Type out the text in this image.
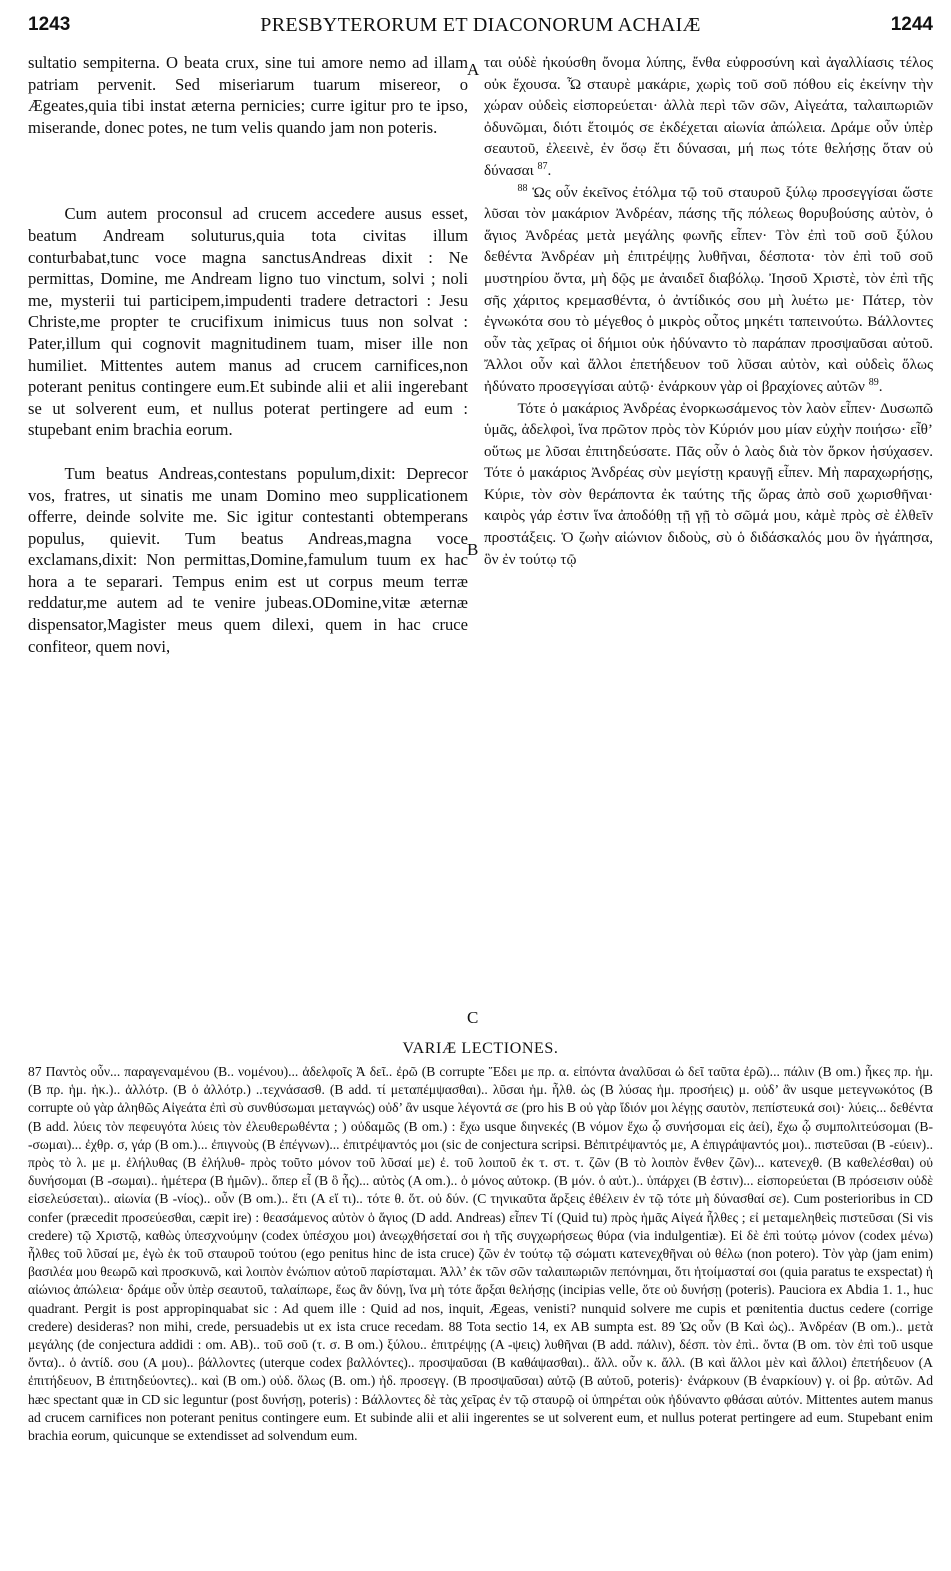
1243	PRESBYTERORUM ET DIACONORUM ACHAIÆ	1244

sultatio sempiterna. O beata crux, sine tui amore nemo ad illam patriam pervenit. Sed miseriarum tuarum misereor, o Ægeates,quia tibi instat æterna pernicies; curre igitur pro te ipso, miserande, donec potes, ne tum velis quando jam non poteris.

Cum autem proconsul ad crucem accedere ausus esset, beatum Andream soluturus,quia tota civitas illum conturbabat,tunc voce magna sanctusAndreas dixit : Ne permittas, Domine, me Andream ligno tuo vinctum, solvi ; noli me, mysterii tui participem,impudenti tradere detractori : Jesu Christe,me propter te crucifixum inimicus tuus non solvat : Pater,illum qui cognovit magnitudinem tuam, miser ille non humiliet. Mittentes autem manus ad crucem carnifices,non poterant penitus contingere eum.Et subinde alii et alii ingerebant se ut solverent eum, et nullus poterat pertingere ad eum : stupebant enim brachia eorum.

Tum beatus Andreas,contestans populum,dixit: Deprecor vos, fratres, ut sinatis me unam Domino meo supplicationem offerre, deinde solvite me. Sic igitur contestanti obtemperans populus, quievit. Tum beatus Andreas,magna voce exclamans,dixit: Non permittas,Domine,famulum tuum ex hac hora a te separari. Tempus enim est ut corpus meum terræ reddatur,me autem ad te venire jubeas.ODomine,vitæ æternæ dispensator,Magister meus quem dilexi, quem in hac cruce confiteor, quem novi,

A
B
C

ται οὐδὲ ἠκούσθη ὄνομα λύπης, ἔνθα εὐφροσύνη καὶ ἀγαλλίασις τέλος οὐκ ἔχουσα. Ὦ σταυρὲ μακάριε, χωρὶς τοῦ σοῦ πόθου εἰς ἐκείνην τὴν χώραν οὐδεὶς εἰσπορεύεται· ἀλλὰ περὶ τῶν σῶν, Αἰγεάτα, ταλαιπωριῶν ὀδυνῶμαι, διότι ἕτοιμός σε ἐκδέχεται αἰωνία ἀπώλεια. Δράμε οὖν ὑπὲρ σεαυτοῦ, ἐλεεινὲ, ἐν ὅσῳ ἔτι δύνασαι, μή πως τότε θελήσῃς ὅταν οὐ δύνασαι $^{87}$.

$^{88}$ Ὡς οὖν ἐκεῖνος ἐτόλμα τῷ τοῦ σταυροῦ ξύλῳ προσεγγίσαι ὥστε λῦσαι τὸν μακάριον Ἀνδρέαν, πάσης τῆς πόλεως θορυβούσης αὐτὸν, ὁ ἅγιος Ἀνδρέας μετὰ μεγάλης φωνῆς εἶπεν· Τὸν ἐπὶ τοῦ σοῦ ξύλου δεθέντα Ἀνδρέαν μὴ ἐπιτρέψῃς λυθῆναι, δέσποτα· τὸν ἐπὶ τοῦ σοῦ μυστηρίου ὄντα, μὴ δῷς με ἀναιδεῖ διαβόλῳ. Ἰησοῦ Χριστὲ, τὸν ἐπὶ τῆς σῆς χάριτος κρεμασθέντα, ὁ ἀντίδικός σου μὴ λυέτω με· Πάτερ, τὸν ἐγνωκότα σου τὸ μέγεθος ὁ μικρὸς οὗτος μηκέτι ταπεινούτω. Βάλλοντες οὖν τὰς χεῖρας οἱ δήμιοι οὐκ ἠδύναντο τὸ παράπαν προσψαῦσαι αὐτοῦ. Ἄλλοι οὖν καὶ ἄλλοι ἐπετήδευον τοῦ λῦσαι αὐτὸν, καὶ οὐδεὶς ὅλως ἠδύνατο προσεγγίσαι αὐτῷ· ἐνάρκουν γὰρ οἱ βραχίονες αὐτῶν $^{89}$.

Τότε ὁ μακάριος Ἀνδρέας ἐνορκωσάμενος τὸν λαὸν εἶπεν· Δυσωπῶ ὑμᾶς, ἀδελφοὶ, ἵνα πρῶτον πρὸς τὸν Κύριόν μου μίαν εὐχὴν ποιήσω· εἶθ’ οὕτως με λῦσαι ἐπιτηδεύσατε. Πᾶς οὖν ὁ λαὸς διὰ τὸν ὅρκον ἡσύχασεν. Τότε ὁ μακάριος Ἀνδρέας σὺν μεγίστῃ κραυγῇ εἶπεν. Μὴ παραχωρήσῃς, Κύριε, τὸν σὸν θεράποντα ἐκ ταύτης τῆς ὥρας ἀπὸ σοῦ χωρισθῆναι· καιρὸς γάρ ἐστιν ἵνα ἀποδόθῃ τῇ γῇ τὸ σῶμά μου, κἀμὲ πρὸς σὲ ἐλθεῖν προστάξεις. Ὁ ζωὴν αἰώνιον διδοὺς, σὺ ὁ διδάσκαλός μου ὃν ἠγάπησα, ὃν ἐν τούτῳ τῷ

VARIÆ LECTIONES.

87 Παντὸς οὖν... παραγεναμένου (B.. νομένου)... ἀδελφοῖς Ἀ δεῖ.. ἐρῶ (B corrupte Ἔδει με πρ. α. εἰπόντα ἀναλῦσαι ὠ δεῖ ταῦτα ἐρῶ)... πάλιν (B om.) ἦκες πρ. ἡμ. (B πρ. ἡμ. ἠκ.).. ἀλλότρ. (B ὁ ἀλλότρ.) ..τεχνάσασθ. (B add. τί μεταπέμψασθαι).. λῦσαι ἡμ. ἦλθ. ὡς (B λύσας ἡμ. προσήεις) μ. οὐδ’ ἂν usque μετεγνωκότος (B corrupte οὐ γὰρ ἀληθῶς Αἰγεάτα ἐπὶ σὺ συνθύσωμαι μεταγνώς) οὐδ’ ἂν usque λέγοντά σε (pro his B οὐ γὰρ ἴδιόν μοι λέγῃς σαυτὸν, πεπίστευκά σοι)· λύεις... δεθέντα (B add. λύεις τὸν πεφευγότα λύεις τὸν ἐλευθερωθέντα ; ) οὐδαμῶς (B om.) : ἔχω usque διηνεκές (B νόμον ἔχω ᾧ συνήσομαι εἰς ἀεί), ἔχω ᾧ συμπολιτεύσομαι (B- -σωμαι)... ἐχθρ. σ, γάρ (B om.)... ἐπιγνοὺς (B ἐπέγνων)... ἐπιτρέψαντός μοι (sic de conjectura scripsi. Βἐπιτρέψαντός με, A ἐπιγράψαντός μοι).. πιστεῦσαι (B -εύειν).. πρὸς τὸ λ. με μ. ἐλήλυθας (B ἐλήλυθ- πρὸς τοῦτο μόνον τοῦ λῦσαί με) ἐ. τοῦ λοιποῦ ἐκ τ. στ. τ. ζῶν (B τὸ λοιπὸν ἔνθεν ζῶν)... κατενεχθ. (B καθελέσθαι) οὐ δυνήσομαι (B -σωμαι).. ἡμέτερα (B ἡμῶν).. ὅπερ εἶ (B ὃ ἧς)... αὐτὸς (A om.).. ὁ μόνος αὐτοκρ. (B μόν. ὁ αὐτ.).. ὑπάρχει (B ἐστιν)... εἰσπορεύεται (B πρόσεισιν οὐδὲ εἰσελεύσεται).. αἰωνία (B -νίος).. οὖν (B om.).. ἔτι (A εἴ τι).. τότε θ. ὅτ. οὐ δύν. (C τηνικαῦτα ἄρξεις ἐθέλειν ἐν τῷ τότε μὴ δύνασθαί σε). Cum posterioribus in CD confer (præcedit προσεύεσθαι, cæpit ire) : θεασάμενος αὐτὸν ὁ ἅγιος (D add. Andreas) εἶπεν Τί (Quid tu) πρὸς ἡμᾶς Αἰγεά ἦλθες ; εἰ μεταμεληθεὶς πιστεῦσαι (Si vis credere) τῷ Χριστῷ, καθὼς ὑπεσχνούμην (codex ὑπέσχου μοι) ἀνεῳχθήσεταί σοι ἡ τῆς συγχωρήσεως θύρα (via indulgentiæ). Εἰ δὲ ἐπὶ τούτῳ μόνον (codex μένω) ἦλθες τοῦ λῦσαί με, ἐγὼ ἐκ τοῦ σταυροῦ τούτου (ego penitus hinc de ista cruce) ζῶν ἐν τούτῳ τῷ σώματι κατενεχθῆναι οὐ θέλω (non potero). Τὸν γὰρ (jam enim) βασιλέα μου θεωρῶ καὶ προσκυνῶ, καὶ λοιπὸν ἐνώπιον αὐτοῦ παρίσταμαι. Ἀλλ’ ἐκ τῶν σῶν ταλαιπωριῶν πεπόνημαι, ὅτι ἡτοίμασταί σοι (quia paratus te exspectat) ἡ αἰώνιος ἀπώλεια· δράμε οὖν ὑπὲρ σεαυτοῦ, ταλαίπωρε, ἕως ἂν δύνῃ, ἵνα μὴ τότε ἄρξαι θελήσῃς (incipias velle, ὅτε οὐ δυνήσῃ (poteris). Pauciora ex Abdia 1. 1., huc quadrant. Pergit is post appropinquabat sic : Ad quem ille : Quid ad nos, inquit, Ægeas, venisti? nunquid solvere me cupis et pœnitentia ductus cedere (corrige credere) desideras? non mihi, crede, persuadebis ut ex ista cruce recedam. 88 Tota sectio 14, ex AB sumpta est. 89 Ὡς οὖν (B Καὶ ὡς).. Ἀνδρέαν (B om.).. μετὰ μεγάλης (de conjectura addidi : om. AB).. τοῦ σοῦ (τ. σ. B om.) ξύλου.. ἐπιτρέψῃς (A -ψεις) λυθῆναι (B add. πάλιν), δέσπ. τὸν ἐπὶ.. ὄντα (B om. τὸν ἐπὶ τοῦ usque ὄντα).. ὁ ἀντίδ. σου (A μου).. βάλλοντες (uterque codex βαλλόντες).. προσψαῦσαι (B καθάψασθαι).. ἄλλ. οὖν κ. ἄλλ. (B καὶ ἄλλοι μὲν καὶ ἄλλοι) ἐπετήδευον (A ἐπιτήδευον, B ἐπιτηδεύοντες).. καὶ (B om.) οὐδ. ὅλως (B. om.) ἠδ. προσεγγ. (B προσψαῦσαι) αὐτῷ (B αὐτοῦ, poteris)· ἐνάρκουν (B ἐναρκίουν) γ. οἱ βρ. αὐτῶν. Ad hæc spectant quæ in CD sic leguntur (post δυνήσῃ, poteris) : Βάλλοντες δὲ τὰς χεῖρας ἐν τῷ σταυρῷ οἱ ὑπηρέται οὐκ ἠδύναντο φθάσαι αὐτόν. Mittentes autem manus ad crucem carnifices non poterant penitus contingere eum. Et subinde alii et alii ingerentes se ut solverent eum, et nullus poterat pertingere ad eum. Stupebant enim brachia eorum, quicunque se extendisset ad solvendum eum.
